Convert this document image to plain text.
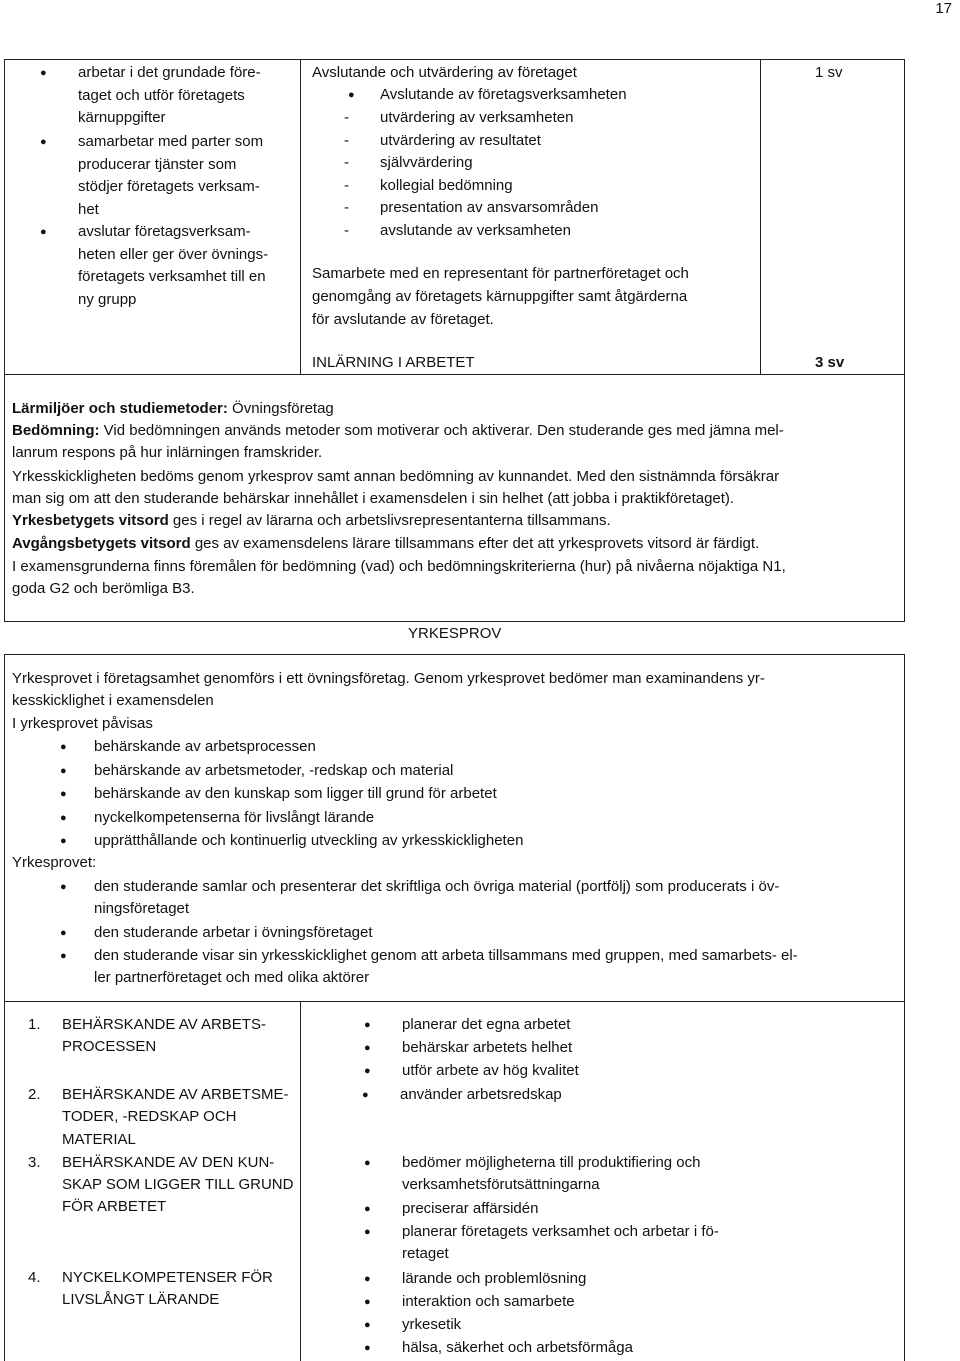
17
● arbetar i det grundade före-
taget och utför företagets
kärnuppgifter
● samarbetar med parter som
producerar tjänster som
stödjer företagets verksam-
het
● avslutar företagsverksam-
heten eller ger över övnings-
företagets verksamhet till en
ny grupp
Avslutande och utvärdering av företaget
● Avslutande av företagsverksamheten
- utvärdering av verksamheten
- utvärdering av resultatet
- självvärdering
- kollegial bedömning
- presentation av ansvarsområden
- avslutande av verksamheten
Samarbete med en representant för partnerföretaget och
genomgång av företagets kärnuppgifter samt åtgärderna
för avslutande av företaget.
1 sv
INLÄRNING I ARBETET	3 sv
Lärmiljöer och studiemetoder: Övningsföretag
Bedömning: Vid bedömningen används metoder som motiverar och aktiverar. Den studerande ges med jämna mel-
lanrum respons på hur inlärningen framskrider.
Yrkesskickligheten bedöms genom yrkesprov samt annan bedömning av kunnandet. Med den sistnämnda försäkrar
man sig om att den studerande behärskar innehållet i examensdelen i sin helhet (att jobba i praktikföretaget).
Yrkesbetygets vitsord ges i regel av lärarna och arbetslivsrepresentanterna tillsammans.
Avgångsbetygets vitsord ges av examensdelens lärare tillsammans efter det att yrkesprovets vitsord är färdigt.
I examensgrunderna finns föremålen för bedömning (vad) och bedömningskriterierna (hur) på nivåerna nöjaktiga N1,
goda G2 och berömliga B3.
YRKESPROV
Yrkesprovet i företagsamhet genomförs i ett övningsföretag. Genom yrkesprovet bedömer man examinandens yr-
kesskicklighet i examensdelen
I yrkesprovet påvisas
● behärskande av arbetsprocessen
● behärskande av arbetsmetoder, -redskap och material
● behärskande av den kunskap som ligger till grund för arbetet
● nyckelkompetenserna för livslångt lärande
● upprätthållande och kontinuerlig utveckling av yrkesskickligheten
Yrkesprovet:
● den studerande samlar och presenterar det skriftliga och övriga material (portfölj) som producerats i öv-
ningsföretaget
● den studerande arbetar i övningsföretaget
● den studerande visar sin yrkesskicklighet genom att arbeta tillsammans med gruppen, med samarbets- el-
ler partnerföretaget och med olika aktörer
1. BEHÄRSKANDE AV ARBETS-
PROCESSEN
2. BEHÄRSKANDE AV ARBETSME-
TODER, -REDSKAP OCH
MATERIAL
3. BEHÄRSKANDE AV DEN KUN-
SKAP SOM LIGGER TILL GRUND
FÖR ARBETET
4. NYCKELKOMPETENSER FÖR
LIVSLÅNGT LÄRANDE
● planerar det egna arbetet
● behärskar arbetets helhet
● utför arbete av hög kvalitet
● använder arbetsredskap
● bedömer möjligheterna till produktifiering och
verksamhetsförutsättningarna
● preciserar affärsidén
● planerar företagets verksamhet och arbetar i fö-
retaget
● lärande och problemlösning
● interaktion och samarbete
● yrkesetik
● hälsa, säkerhet och arbetsförmåga
